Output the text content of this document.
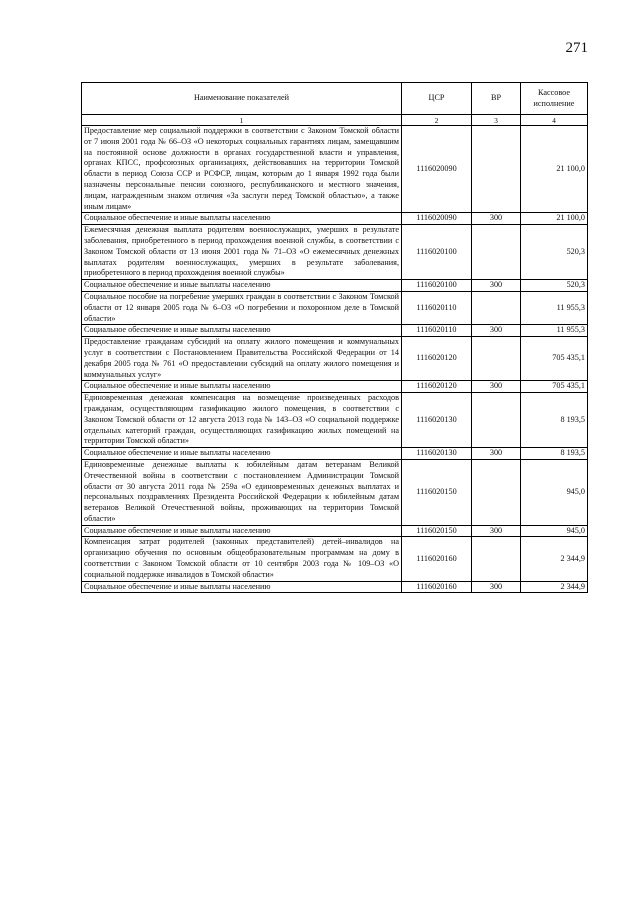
271
Наименование показателей	ЦСР	ВР	Кассовое исполнение
1	2	3	4
Предоставление мер социальной поддержки в соответствии с Законом Томской области от 7 июня 2001 года № 66–ОЗ «О некоторых социальных гарантиях лицам, замещавшим на постоянной основе должности в органах государственной власти и управления, органах КПСС, профсоюзных организациях, действовавших на территории Томской области в период Союза ССР и РСФСР, лицам, которым до 1 января 1992 года были назначены персональные пенсии союзного, республиканского и местного значения, лицам, награжденным знаком отличия «За заслуги перед Томской областью», а также иным лицам»	1116020090		21 100,0
Социальное обеспечение и иные выплаты населению	1116020090	300	21 100,0
Ежемесячная денежная выплата родителям военнослужащих, умерших в результате заболевания, приобретенного в период прохождения военной службы, в соответствии с Законом Томской области от 13 июня 2001 года № 71–ОЗ «О ежемесячных денежных выплатах родителям военнослужащих, умерших в результате заболевания, приобретенного в период прохождения военной службы»	1116020100		520,3
Социальное обеспечение и иные выплаты населению	1116020100	300	520,3
Социальное пособие на погребение умерших граждан в соответствии с Законом Томской области от 12 января 2005 года № 6–ОЗ «О погребении и похоронном деле в Томской области»	1116020110		11 955,3
Социальное обеспечение и иные выплаты населению	1116020110	300	11 955,3
Предоставление гражданам субсидий на оплату жилого помещения и коммунальных услуг в соответствии с Постановлением Правительства Российской Федерации от 14 декабря 2005 года № 761 «О предоставлении субсидий на оплату жилого помещения и коммунальных услуг»	1116020120		705 435,1
Социальное обеспечение и иные выплаты населению	1116020120	300	705 435,1
Единовременная денежная компенсация на возмещение произведенных расходов гражданам, осуществляющим газификацию жилого помещения, в соответствии с Законом Томской области от 12 августа 2013 года № 143–ОЗ «О социальной поддержке отдельных категорий граждан, осуществляющих газификацию жилых помещений на территории Томской области»	1116020130		8 193,5
Социальное обеспечение и иные выплаты населению	1116020130	300	8 193,5
Единовременные денежные выплаты к юбилейным датам ветеранам Великой Отечественной войны в соответствии с постановлением Администрации Томской области от 30 августа 2011 года № 259а «О единовременных денежных выплатах и персональных поздравлениях Президента Российской Федерации к юбилейным датам ветеранов Великой Отечественной войны, проживающих на территории Томской области»	1116020150		945,0
Социальное обеспечение и иные выплаты населению	1116020150	300	945,0
Компенсация затрат родителей (законных представителей) детей–инвалидов на организацию обучения по основным общеобразовательным программам на дому в соответствии с Законом Томской области от 10 сентября 2003 года № 109–ОЗ «О социальной поддержке инвалидов в Томской области»	1116020160		2 344,9
Социальное обеспечение и иные выплаты населению	1116020160	300	2 344,9
